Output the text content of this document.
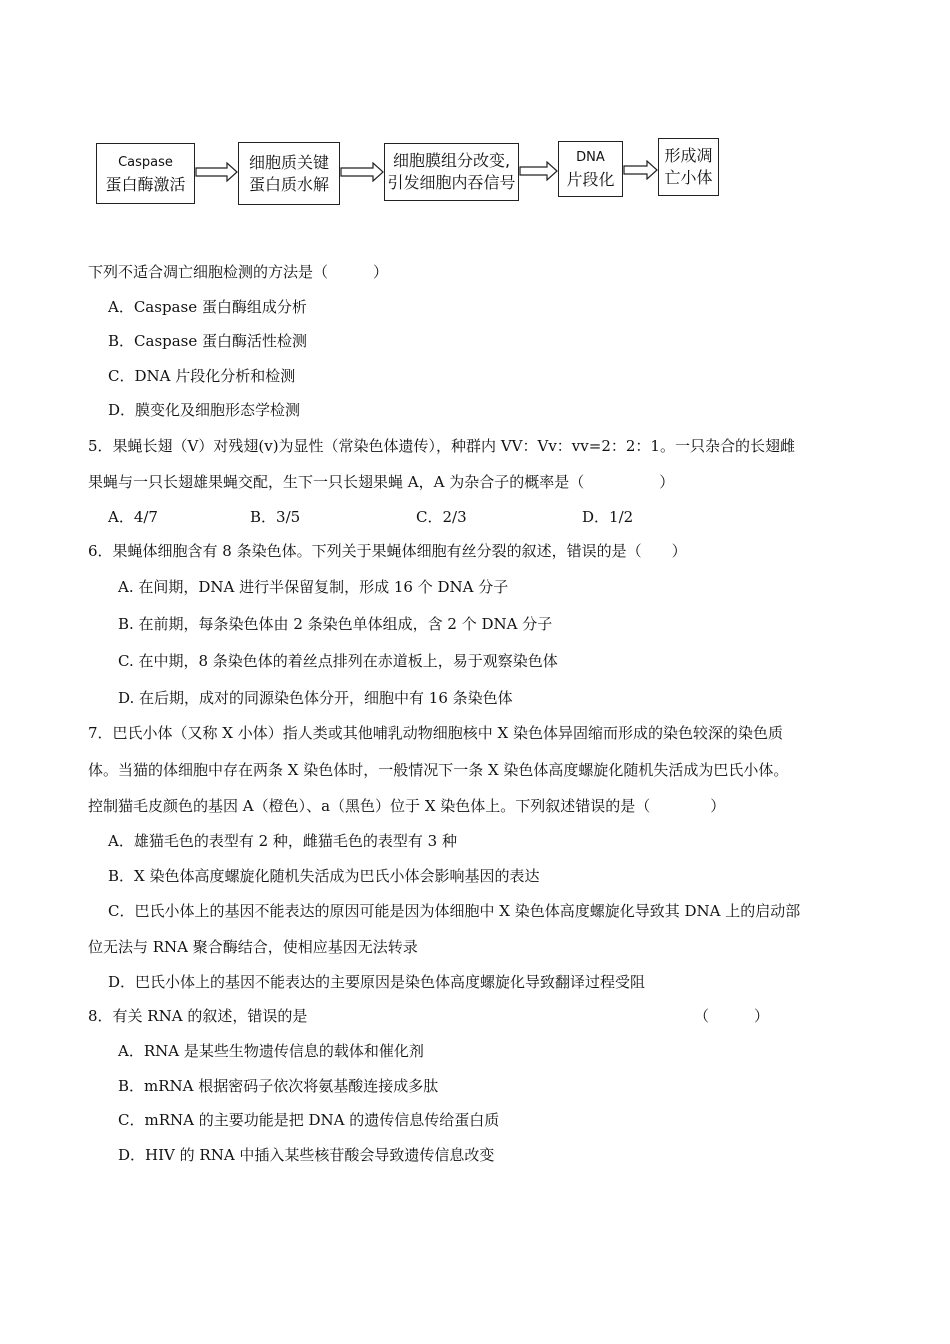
Caspase
蛋白酶激活
细胞质关键
蛋白质水解
细胞膜组分改变,
引发细胞内吞信号
DNA
片段化
形成凋
亡小体
下列不适合凋亡细胞检测的方法是（　　　）
A．Caspase 蛋白酶组成分析
B．Caspase 蛋白酶活性检测
C．DNA 片段化分析和检测
D．膜变化及细胞形态学检测
5．果蝇长翅（V）对残翅(v)为显性（常染色体遗传），种群内 VV：Vv：vv=2：2：1。一只杂合的长翅雌
果蝇与一只长翅雄果蝇交配，生下一只长翅果蝇 A，A 为杂合子的概率是（　　　　　）
A．4/7	B．3/5	C．2/3	D．1/2
6．果蝇体细胞含有 8 条染色体。下列关于果蝇体细胞有丝分裂的叙述，错误的是（　　）
A. 在间期，DNA 进行半保留复制，形成 16 个 DNA 分子
B. 在前期，每条染色体由 2 条染色单体组成，含 2 个 DNA 分子
C. 在中期，8 条染色体的着丝点排列在赤道板上，易于观察染色体
D. 在后期，成对的同源染色体分开，细胞中有 16 条染色体
7．巴氏小体（又称 X 小体）指人类或其他哺乳动物细胞核中 X 染色体异固缩而形成的染色较深的染色质
体。当猫的体细胞中存在两条 X 染色体时，一般情况下一条 X 染色体高度螺旋化随机失活成为巴氏小体。
控制猫毛皮颜色的基因 A（橙色）、a（黑色）位于 X 染色体上。下列叙述错误的是（　　　　）
A．雄猫毛色的表型有 2 种，雌猫毛色的表型有 3 种
B．X 染色体高度螺旋化随机失活成为巴氏小体会影响基因的表达
C．巴氏小体上的基因不能表达的原因可能是因为体细胞中 X 染色体高度螺旋化导致其 DNA 上的启动部
位无法与 RNA 聚合酶结合，使相应基因无法转录
D．巴氏小体上的基因不能表达的主要原因是染色体高度螺旋化导致翻译过程受阻
8．有关 RNA 的叙述，错误的是	（　　　）
A．RNA 是某些生物遗传信息的载体和催化剂
B．mRNA 根据密码子依次将氨基酸连接成多肽
C．mRNA 的主要功能是把 DNA 的遗传信息传给蛋白质
D．HIV 的 RNA 中插入某些核苷酸会导致遗传信息改变
